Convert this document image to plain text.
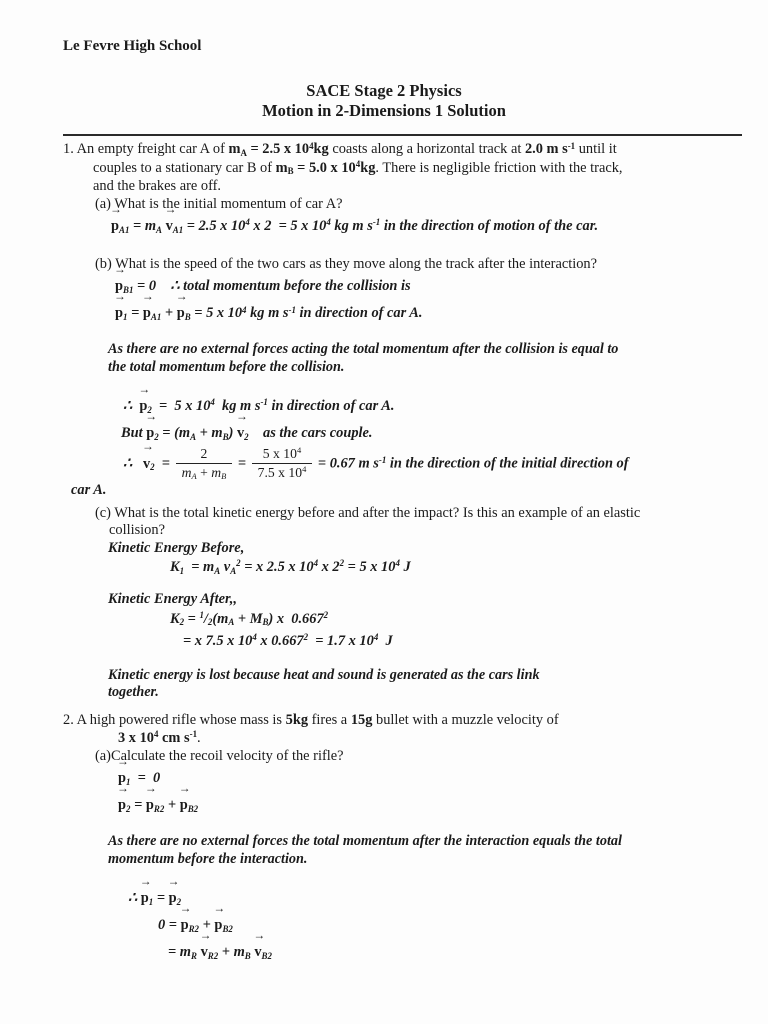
Le Fevre High School
SACE Stage 2 Physics
Motion in 2-Dimensions 1 Solution

1. An empty freight car A of mA = 2.5 x $10^4kg$ coasts along a horizontal track at 2.0 m $s^{-1}$ until it
couples to a stationary car B of mB = 5.0 x $10^4kg$. There is negligible friction with the track,
and the brakes are off.

(a) What is the initial momentum of car A?

→ pA1 = mA → vA1 = 2.5 x $10^4$ x 2  = 5 x $10^4$ kg m $s^{-1}$ in the direction of motion of the car.

(b) What is the speed of the two cars as they move along the track after the interaction?

→ pB1 = 0    ∴ total momentum before the collision is

→ p1 = → pA1 + → pB = 5 x $10^4$ kg m $s^{-1}$ in direction of car A.

As there are no external forces acting the total momentum after the collision is equal to
the total momentum before the collision.

∴  → p2  =  5 x $10^4$  kg m $s^{-1}$ in direction of car A.

But → p2 = (mA + mB) → v2    as the cars couple.

∴   → $v2 = \frac{2}{mA + mB} = \frac{5 x 10^4}{7.5 x 10^4} = 0.67$ m $s^{-1}$ in the direction of the initial direction of

car A.

(c) What is the total kinetic energy before and after the impact? Is this an example of an elastic
collision?

Kinetic Energy Before,

K1  = mA $vA^2 = x$ 2.5 x $10^4$ x $2^2 = 5$ x $10^4$ J

Kinetic Energy After,,

K2 = $^1$/2(mA + MB) x  0.667$^2$

= x 7.5 x $10^4$ x 0.667$^2$  = 1.7 x $10^4$  J

Kinetic energy is lost because heat and sound is generated as the cars link
together.

2. A high powered rifle whose mass is 5kg fires a 15g bullet with a muzzle velocity of

3 x $10^4$ cm $s^{-1}$.

(a)Calculate the recoil velocity of the rifle?

→ p1  =  0

→ p2 = → pR2 + → pB2

As there are no external forces the total momentum after the interaction equals the total
momentum before the interaction.

∴ → p1 = → p2

0 = → pR2 + → pB2

= mR → vR2 + mB → vB2
